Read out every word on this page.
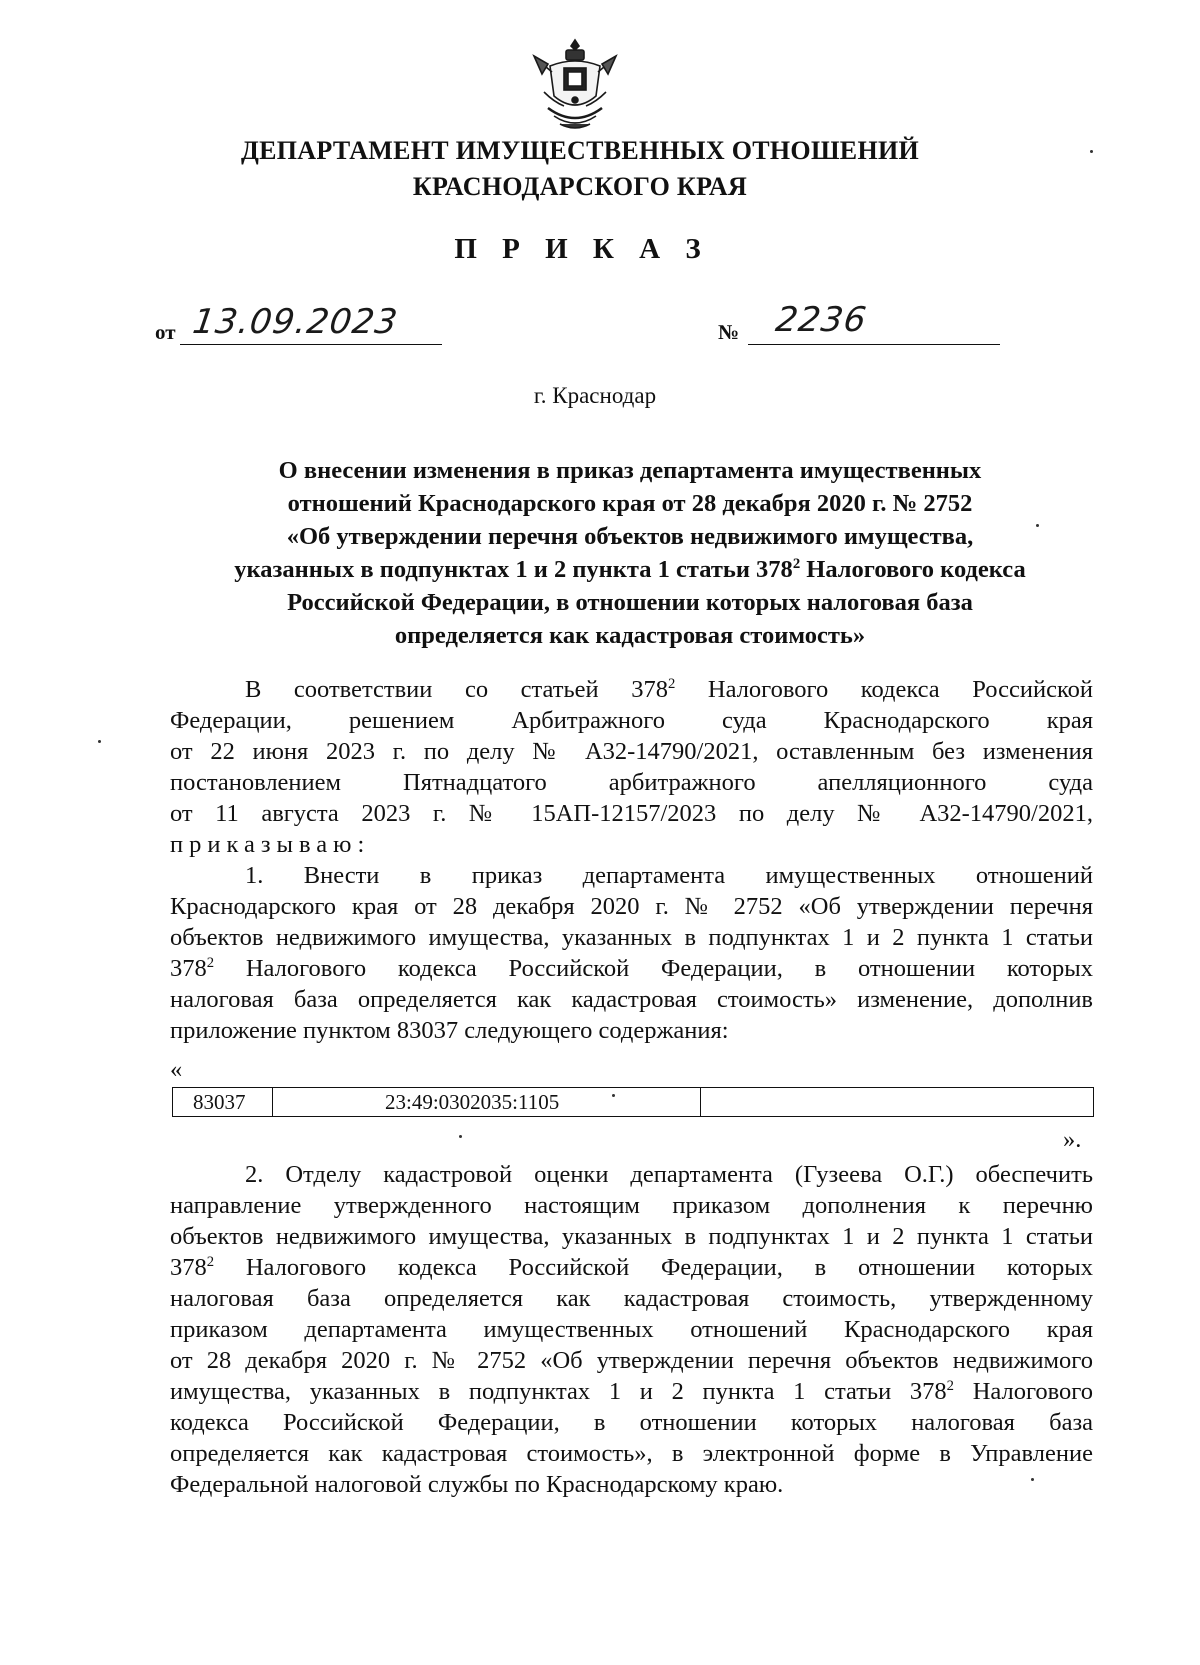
ДЕПАРТАМЕНТ ИМУЩЕСТВЕННЫХ ОТНОШЕНИЙ
КРАСНОДАРСКОГО КРАЯ
П Р И К А З
от 13.09.2023	№ 2236
г. Краснодар
О внесении изменения в приказ департамента имущественных
отношений Краснодарского края от 28 декабря 2020 г. № 2752
«Об утверждении перечня объектов недвижимого имущества,
указанных в подпунктах 1 и 2 пункта 1 статьи $378^2$ Налогового кодекса
Российской Федерации, в отношении которых налоговая база
определяется как кадастровая стоимость»
В соответствии со статьей $378^2$ Налогового кодекса Российской
Федерации, решением Арбитражного суда Краснодарского края
от 22 июня 2023 г. по делу № А32-14790/2021, оставленным без изменения
постановлением Пятнадцатого арбитражного апелляционного суда
от 11 августа 2023 г. № 15АП-12157/2023 по делу № А32-14790/2021,
приказываю:
1. Внести в приказ департамента имущественных отношений
Краснодарского края от 28 декабря 2020 г. № 2752 «Об утверждении перечня
объектов недвижимого имущества, указанных в подпунктах 1 и 2 пункта 1 статьи
$378^2$ Налогового кодекса Российской Федерации, в отношении которых
налоговая база определяется как кадастровая стоимость» изменение, дополнив
приложение пунктом 83037 следующего содержания:
«
83037	23:49:0302035:1105
».
2. Отделу кадастровой оценки департамента (Гузеева О.Г.) обеспечить
направление утвержденного настоящим приказом дополнения к перечню
объектов недвижимого имущества, указанных в подпунктах 1 и 2 пункта 1 статьи
$378^2$ Налогового кодекса Российской Федерации, в отношении которых
налоговая база определяется как кадастровая стоимость, утвержденному
приказом департамента имущественных отношений Краснодарского края
от 28 декабря 2020 г. № 2752 «Об утверждении перечня объектов недвижимого
имущества, указанных в подпунктах 1 и 2 пункта 1 статьи $378^2$ Налогового
кодекса Российской Федерации, в отношении которых налоговая база
определяется как кадастровая стоимость», в электронной форме в Управление
Федеральной налоговой службы по Краснодарскому краю.
